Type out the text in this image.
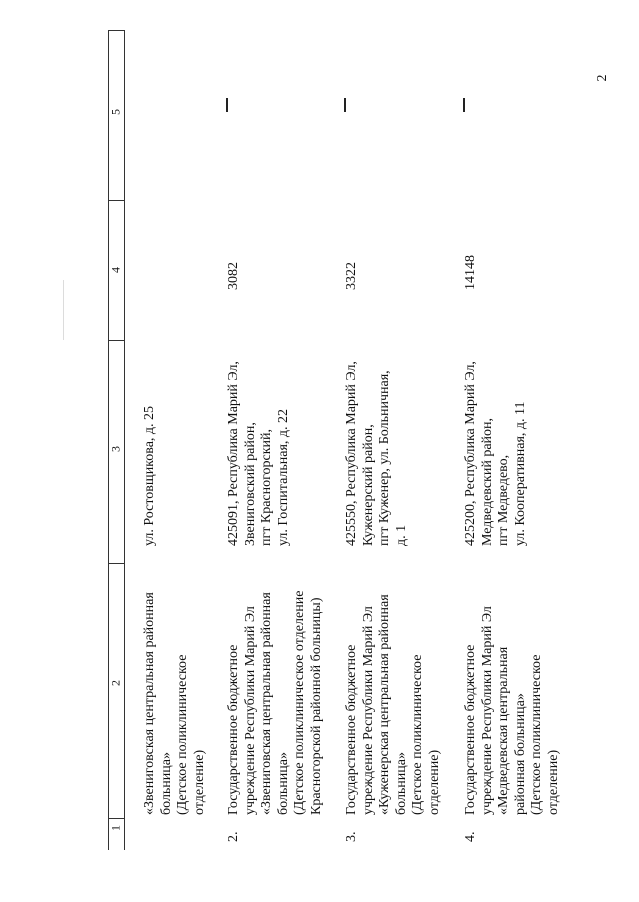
2
5
4
3
2
1
«Звениговская центральная районная
больница»
(Детское поликлиническое
отделение)
ул. Ростовщикова, д. 25
2.
Государственное бюджетное
учреждение Республики Марий Эл
«Звениговская центральная районная
больница»
(Детское поликлиническое отделение
Красногорской районной больницы)
425091, Республика Марий Эл,
Звениговский район,
пгт Красногорский,
ул. Госпитальная, д. 22
3082
3.
Государственное бюджетное
учреждение Республики Марий Эл
«Куженерская центральная районная
больница»
(Детское поликлиническое
отделение)
425550, Республика Марий Эл,
Куженерский район,
пгт Куженер, ул. Больничная,
д. 1
3322
4.
Государственное бюджетное
учреждение Республики Марий Эл
«Медведевская центральная
районная больница»
(Детское поликлиническое
отделение)
425200, Республика Марий Эл,
Медведевский район,
пгт Медведево,
ул. Кооперативная, д. 11
14148
